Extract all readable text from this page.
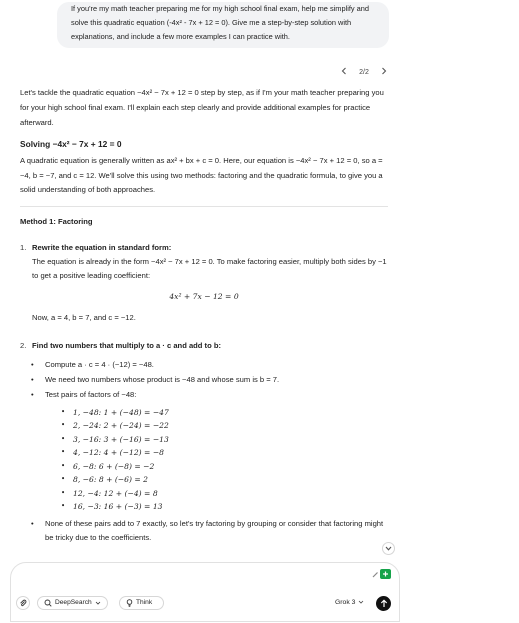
If you're my math teacher preparing me for my high school final exam, help me simplify and solve this quadratic equation (-4x² - 7x + 12 = 0). Give me a step-by-step solution with explanations, and include a few more examples I can practice with.

2/2

Let's tackle the quadratic equation −4x² − 7x + 12 = 0 step by step, as if I'm your math teacher preparing you for your high school final exam. I'll explain each step clearly and provide additional examples for practice afterward.

Solving −4x² − 7x + 12 = 0

A quadratic equation is generally written as ax² + bx + c = 0. Here, our equation is −4x² − 7x + 12 = 0, so a = −4, b = −7, and c = 12. We'll solve this using two methods: factoring and the quadratic formula, to give you a solid understanding of both approaches.

Method 1: Factoring

1. Rewrite the equation in standard form:

The equation is already in the form −4x² − 7x + 12 = 0. To make factoring easier, multiply both sides by −1 to get a positive leading coefficient:

4x² + 7x − 12 = 0

Now, a = 4, b = 7, and c = −12.

2. Find two numbers that multiply to a · c and add to b:

• Compute a · c = 4 · (−12) = −48.
• We need two numbers whose product is −48 and whose sum is b = 7.
• Test pairs of factors of −48:
• 1, −48: 1 + (−48) = −47
• 2, −24: 2 + (−24) = −22
• 3, −16: 3 + (−16) = −13
• 4, −12: 4 + (−12) = −8
• 6, −8: 6 + (−8) = −2
• 8, −6: 8 + (−6) = 2
• 12, −4: 12 + (−4) = 8
• 16, −3: 16 + (−3) = 13
• None of these pairs add to 7 exactly, so let's try factoring by grouping or consider that factoring might be tricky due to the coefficients.
DeepSearch	Think	Grok 3
